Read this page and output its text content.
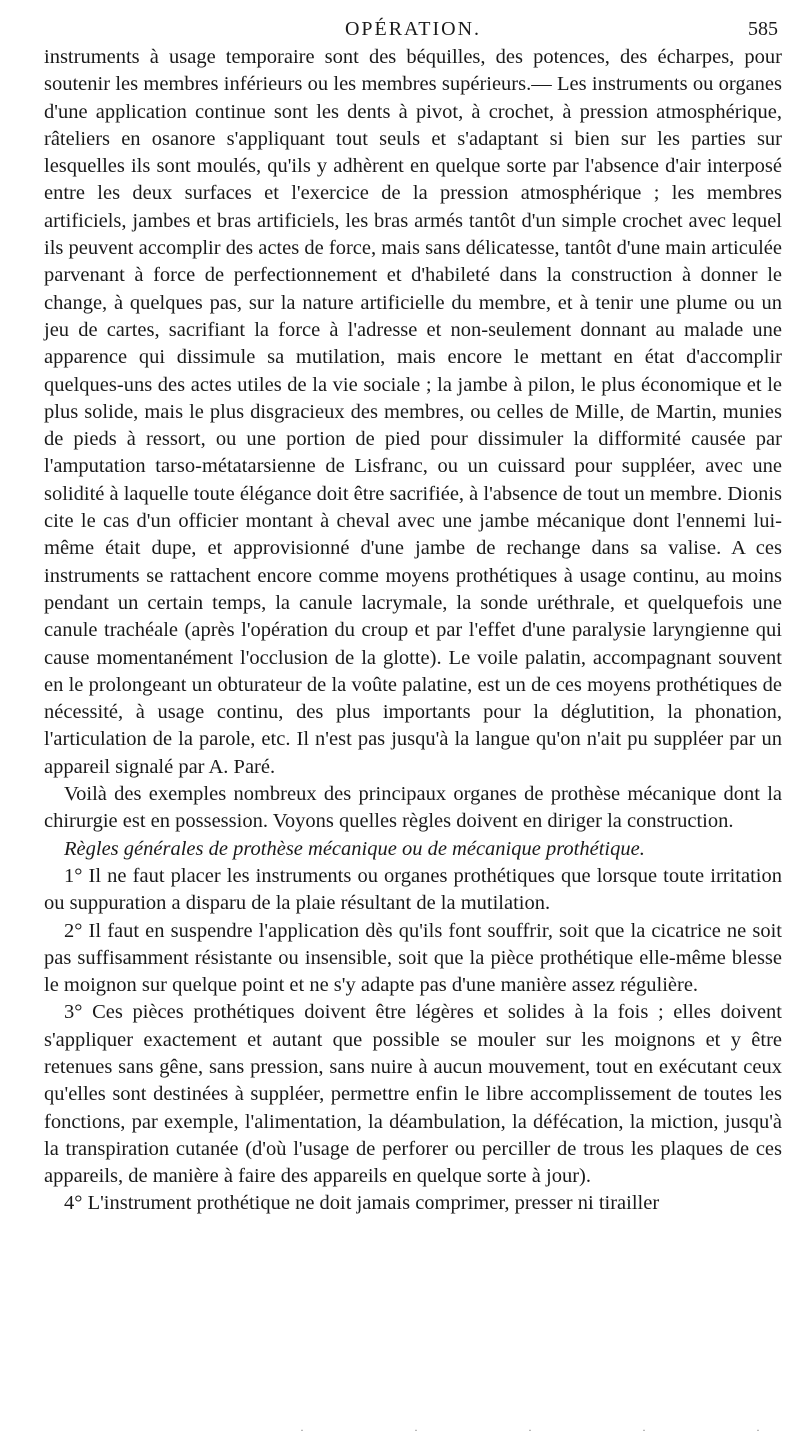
OPÉRATION.	585

instruments à usage temporaire sont des béquilles, des potences, des écharpes, pour soutenir les membres inférieurs ou les membres supérieurs.— Les instruments ou organes d'une application continue sont les dents à pivot, à crochet, à pression atmosphérique, râteliers en osanore s'appliquant tout seuls et s'adaptant si bien sur les parties sur lesquelles ils sont moulés, qu'ils y adhèrent en quelque sorte par l'absence d'air interposé entre les deux surfaces et l'exercice de la pression atmosphérique ; les membres artificiels, jambes et bras artificiels, les bras armés tantôt d'un simple crochet avec lequel ils peuvent accomplir des actes de force, mais sans délicatesse, tantôt d'une main articulée parvenant à force de perfectionnement et d'habileté dans la construction à donner le change, à quelques pas, sur la nature artificielle du membre, et à tenir une plume ou un jeu de cartes, sacrifiant la force à l'adresse et non-seulement donnant au malade une apparence qui dissimule sa mutilation, mais encore le mettant en état d'accomplir quelques-uns des actes utiles de la vie sociale ; la jambe à pilon, le plus économique et le plus solide, mais le plus disgracieux des membres, ou celles de Mille, de Martin, munies de pieds à ressort, ou une portion de pied pour dissimuler la difformité causée par l'amputation tarso-métatarsienne de Lisfranc, ou un cuissard pour suppléer, avec une solidité à laquelle toute élégance doit être sacrifiée, à l'absence de tout un membre. Dionis cite le cas d'un officier montant à cheval avec une jambe mécanique dont l'ennemi lui-même était dupe, et approvisionné d'une jambe de rechange dans sa valise. A ces instruments se rattachent encore comme moyens prothétiques à usage continu, au moins pendant un certain temps, la canule lacrymale, la sonde uréthrale, et quelquefois une canule trachéale (après l'opération du croup et par l'effet d'une paralysie laryngienne qui cause momentanément l'occlusion de la glotte). Le voile palatin, accompagnant souvent en le prolongeant un obturateur de la voûte palatine, est un de ces moyens prothétiques de nécessité, à usage continu, des plus importants pour la déglutition, la phonation, l'articulation de la parole, etc. Il n'est pas jusqu'à la langue qu'on n'ait pu suppléer par un appareil signalé par A. Paré.

Voilà des exemples nombreux des principaux organes de prothèse mécanique dont la chirurgie est en possession. Voyons quelles règles doivent en diriger la construction.

Règles générales de prothèse mécanique ou de mécanique prothétique.

1° Il ne faut placer les instruments ou organes prothétiques que lorsque toute irritation ou suppuration a disparu de la plaie résultant de la mutilation.

2° Il faut en suspendre l'application dès qu'ils font souffrir, soit que la cicatrice ne soit pas suffisamment résistante ou insensible, soit que la pièce prothétique elle-même blesse le moignon sur quelque point et ne s'y adapte pas d'une manière assez régulière.

3° Ces pièces prothétiques doivent être légères et solides à la fois ; elles doivent s'appliquer exactement et autant que possible se mouler sur les moignons et y être retenues sans gêne, sans pression, sans nuire à aucun mouvement, tout en exécutant ceux qu'elles sont destinées à suppléer, permettre enfin le libre accomplissement de toutes les fonctions, par exemple, l'alimentation, la déambulation, la défécation, la miction, jusqu'à la transpiration cutanée (d'où l'usage de perforer ou perciller de trous les plaques de ces appareils, de manière à faire des appareils en quelque sorte à jour).

4° L'instrument prothétique ne doit jamais comprimer, presser ni tirailler

·	·	·	·	·
